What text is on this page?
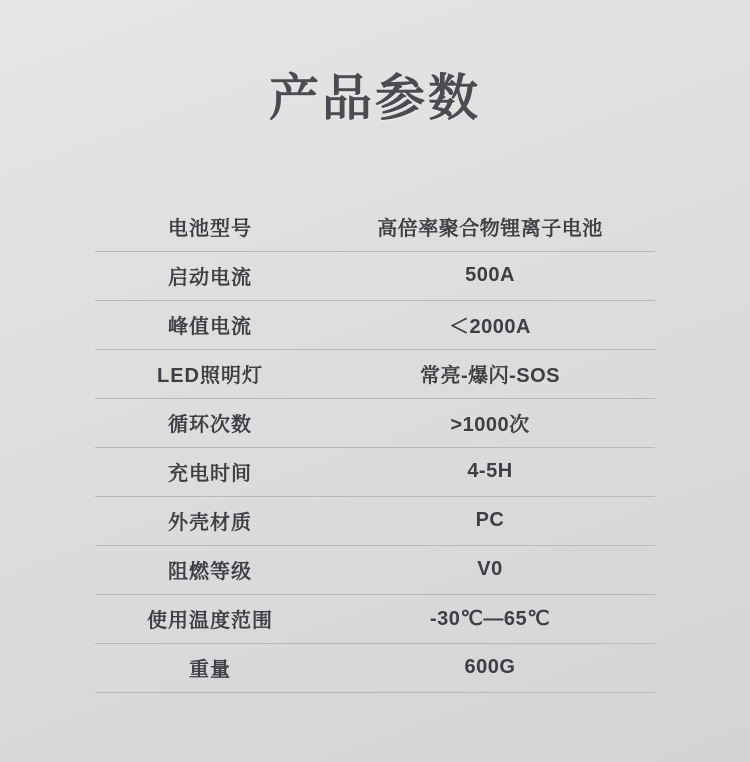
产品参数
电池型号	高倍率聚合物锂离子电池
启动电流	500A
峰值电流	＜2000A
LED照明灯	常亮-爆闪-SOS
循环次数	>1000次
充电时间	4-5H
外壳材质	PC
阻燃等级	V0
使用温度范围	-30℃—65℃
重量	600G
